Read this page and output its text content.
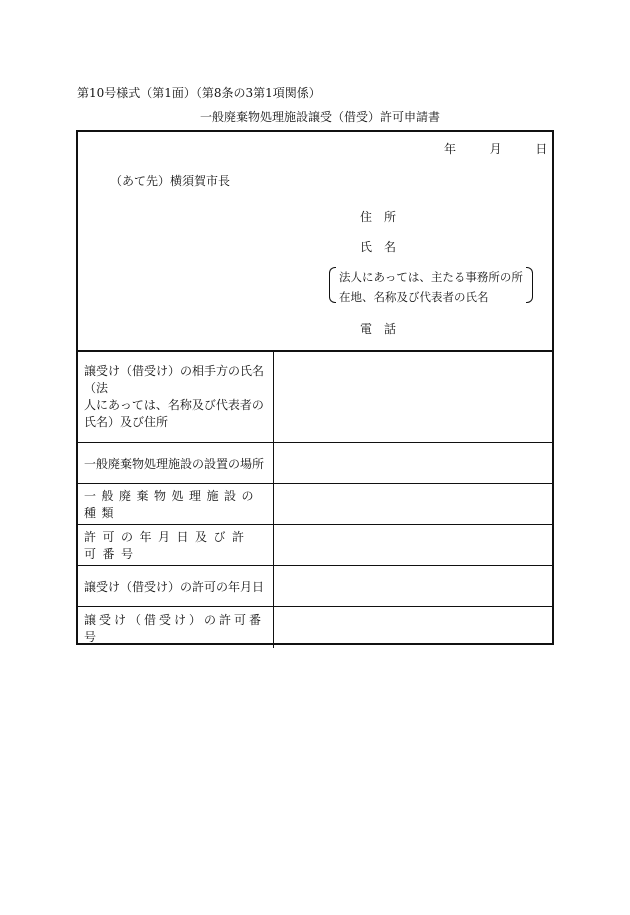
第10号様式（第1面）（第8条の3第1項関係）
一般廃棄物処理施設譲受（借受）許可申請書
年	月	日
（あて先）横須賀市長
住　所
氏　名
法人にあっては、主たる事務所の所
在地、名称及び代表者の氏名
電　話
譲受け（借受け）の相手方の氏名（法
人にあっては、名称及び代表者の
氏名）及び住所
一般廃棄物処理施設の設置の場所
一般廃棄物処理施設の種類
許可の年月日及び許可番号
譲受け（借受け）の許可の年月日
譲受け（借受け）の許可番号
